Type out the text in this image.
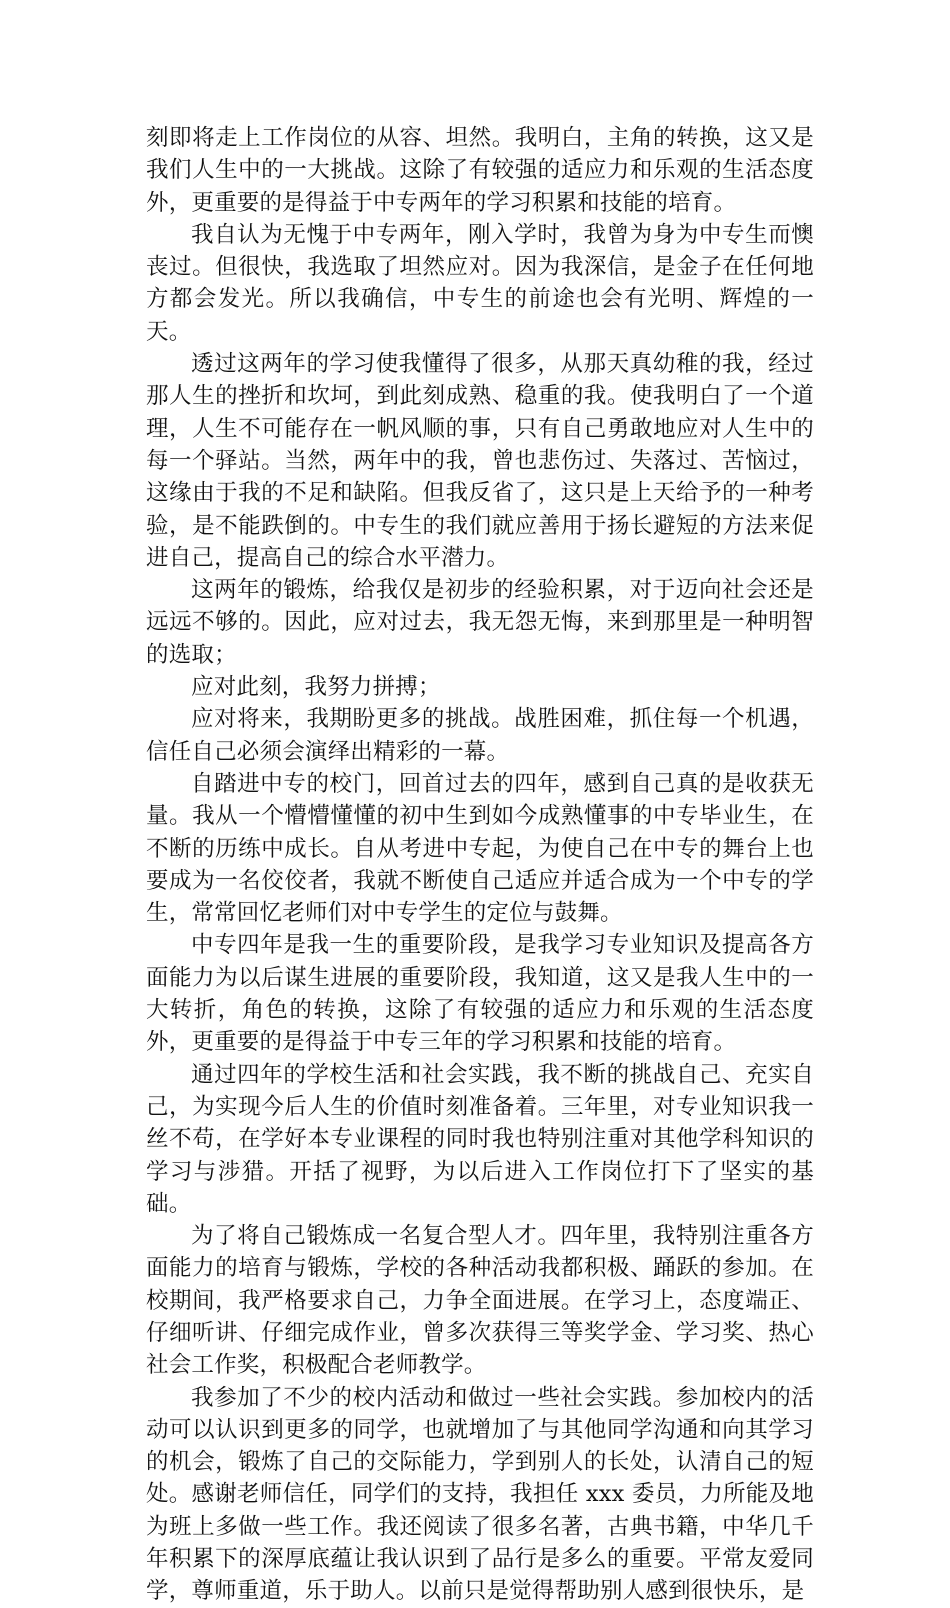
刻即将走上工作岗位的从容、坦然。我明白，主角的转换，这又是我们人生中的一大挑战。这除了有较强的适应力和乐观的生活态度外，更重要的是得益于中专两年的学习积累和技能的培育。

我自认为无愧于中专两年，刚入学时，我曾为身为中专生而懊丧过。但很快，我选取了坦然应对。因为我深信，是金子在任何地方都会发光。所以我确信，中专生的前途也会有光明、辉煌的一天。

透过这两年的学习使我懂得了很多，从那天真幼稚的我，经过那人生的挫折和坎坷，到此刻成熟、稳重的我。使我明白了一个道理，人生不可能存在一帆风顺的事，只有自己勇敢地应对人生中的每一个驿站。当然，两年中的我，曾也悲伤过、失落过、苦恼过，这缘由于我的不足和缺陷。但我反省了，这只是上天给予的一种考验，是不能跌倒的。中专生的我们就应善用于扬长避短的方法来促进自己，提高自己的综合水平潜力。

这两年的锻炼，给我仅是初步的经验积累，对于迈向社会还是远远不够的。因此，应对过去，我无怨无悔，来到那里是一种明智的选取；

应对此刻，我努力拼搏；

应对将来，我期盼更多的挑战。战胜困难，抓住每一个机遇，信任自己必须会演绎出精彩的一幕。

自踏进中专的校门，回首过去的四年，感到自己真的是收获无量。我从一个懵懵懂懂的初中生到如今成熟懂事的中专毕业生，在不断的历练中成长。自从考进中专起，为使自己在中专的舞台上也要成为一名佼佼者，我就不断使自己适应并适合成为一个中专的学生，常常回忆老师们对中专学生的定位与鼓舞。

中专四年是我一生的重要阶段，是我学习专业知识及提高各方面能力为以后谋生进展的重要阶段，我知道，这又是我人生中的一大转折，角色的转换，这除了有较强的适应力和乐观的生活态度外，更重要的是得益于中专三年的学习积累和技能的培育。

通过四年的学校生活和社会实践，我不断的挑战自己、充实自己，为实现今后人生的价值时刻准备着。三年里，对专业知识我一丝不苟，在学好本专业课程的同时我也特别注重对其他学科知识的学习与涉猎。开括了视野，为以后进入工作岗位打下了坚实的基础。

为了将自己锻炼成一名复合型人才。四年里，我特别注重各方面能力的培育与锻炼，学校的各种活动我都积极、踊跃的参加。在校期间，我严格要求自己，力争全面进展。在学习上，态度端正、仔细听讲、仔细完成作业，曾多次获得三等奖学金、学习奖、热心社会工作奖，积极配合老师教学。

我参加了不少的校内活动和做过一些社会实践。参加校内的活动可以认识到更多的同学，也就增加了与其他同学沟通和向其学习的机会，锻炼了自己的交际能力，学到别人的长处，认清自己的短处。感谢老师信任，同学们的支持，我担任 xxx 委员，力所能及地为班上多做一些工作。我还阅读了很多名著，古典书籍，中华几千年积累下的深厚底蕴让我认识到了品行是多么的重要。平常友爱同学，尊师重道，乐于助人。以前只是觉得帮助别人感到很快乐，是
